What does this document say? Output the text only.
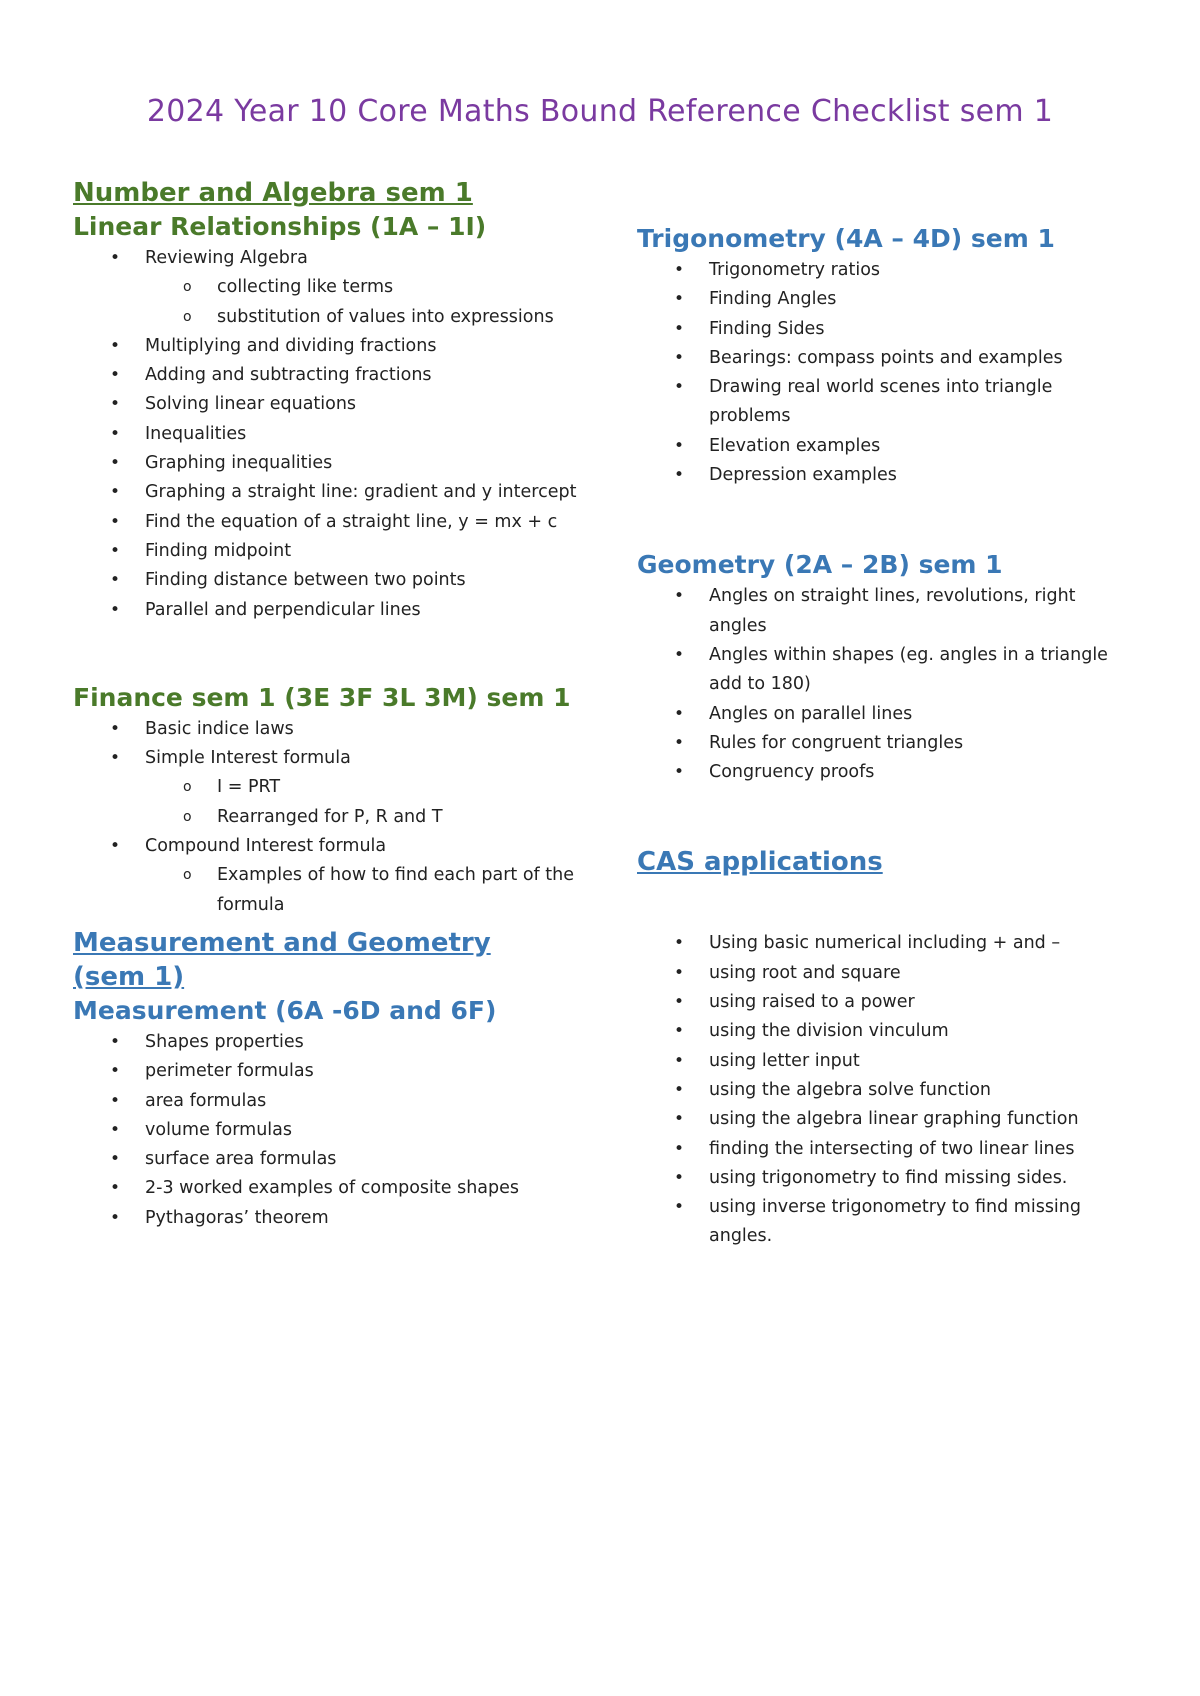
2024 Year 10 Core Maths Bound Reference Checklist sem 1
Number and Algebra sem 1
Linear Relationships (1A – 1I)
• Reviewing Algebra
o collecting like terms
o substitution of values into expressions
• Multiplying and dividing fractions
• Adding and subtracting fractions
• Solving linear equations
• Inequalities
• Graphing inequalities
• Graphing a straight line: gradient and y intercept
• Find the equation of a straight line, y = mx + c
• Finding midpoint
• Finding distance between two points
• Parallel and perpendicular lines
Finance sem 1 (3E 3F 3L 3M) sem 1
• Basic indice laws
• Simple Interest formula
o I = PRT
o Rearranged for P, R and T
• Compound Interest formula
o Examples of how to find each part of the formula
Measurement and Geometry (sem 1)
Measurement (6A -6D and 6F)
• Shapes properties
• perimeter formulas
• area formulas
• volume formulas
• surface area formulas
• 2-3 worked examples of composite shapes
• Pythagoras’ theorem
Trigonometry (4A – 4D) sem 1
• Trigonometry ratios
• Finding Angles
• Finding Sides
• Bearings: compass points and examples
• Drawing real world scenes into triangle problems
• Elevation examples
• Depression examples
Geometry (2A – 2B) sem 1
• Angles on straight lines, revolutions, right angles
• Angles within shapes (eg. angles in a triangle add to 180)
• Angles on parallel lines
• Rules for congruent triangles
• Congruency proofs
CAS applications
• Using basic numerical including + and –
• using root and square
• using raised to a power
• using the division vinculum
• using letter input
• using the algebra solve function
• using the algebra linear graphing function
• finding the intersecting of two linear lines
• using trigonometry to find missing sides.
• using inverse trigonometry to find missing angles.
